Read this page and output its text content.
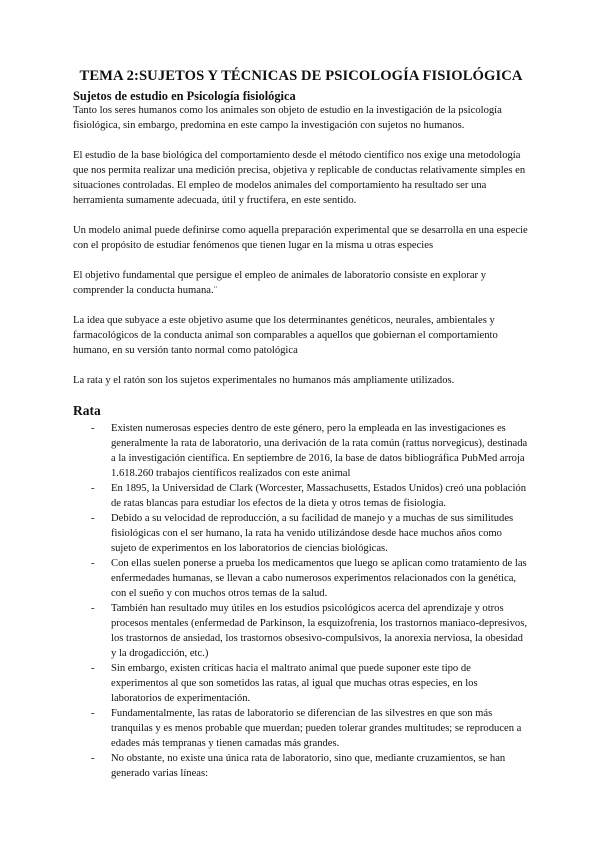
TEMA 2:SUJETOS Y TÉCNICAS DE PSICOLOGÍA FISIOLÓGICA
Sujetos de estudio en Psicología fisiológica

Tanto los seres humanos como los animales son objeto de estudio en la investigación de la psicología fisiológica, sin embargo, predomina en este campo la investigación con sujetos no humanos.

El estudio de la base biológica del comportamiento desde el método científico nos exige una metodología que nos permita realizar una medición precisa, objetiva y replicable de conductas relativamente simples en situaciones controladas. El empleo de modelos animales del comportamiento ha resultado ser una herramienta sumamente adecuada, útil y fructífera, en este sentido.

Un modelo animal puede definirse como aquella preparación experimental que se desarrolla en una especie con el propósito de estudiar fenómenos que tienen lugar en la misma u otras especies

El objetivo fundamental que persigue el empleo de animales de laboratorio consiste en explorar y comprender la conducta humana.¨

La idea que subyace a este objetivo asume que los determinantes genéticos, neurales, ambientales y farmacológicos de la conducta animal son comparables a aquellos que gobiernan el comportamiento humano, en su versión tanto normal como patológica

La rata y el ratón son los sujetos experimentales no humanos más ampliamente utilizados.

Rata
- Existen numerosas especies dentro de este género, pero la empleada en las investigaciones es generalmente la rata de laboratorio, una derivación de la rata común (rattus norvegicus), destinada a la investigación científica. En septiembre de 2016, la base de datos bibliográfica PubMed arroja 1.618.260 trabajos científicos realizados con este animal
- En 1895, la Universidad de Clark (Worcester, Massachusetts, Estados Unidos) creó una población de ratas blancas para estudiar los efectos de la dieta y otros temas de fisiología.
- Debido a su velocidad de reproducción, a su facilidad de manejo y a muchas de sus similitudes fisiológicas con el ser humano, la rata ha venido utilizándose desde hace muchos años como sujeto de experimentos en los laboratorios de ciencias biológicas.
- Con ellas suelen ponerse a prueba los medicamentos que luego se aplican como tratamiento de las enfermedades humanas, se llevan a cabo numerosos experimentos relacionados con la genética, con el sueño y con muchos otros temas de la salud.
- También han resultado muy útiles en los estudios psicológicos acerca del aprendizaje y otros procesos mentales (enfermedad de Parkinson, la esquizofrenia, los trastornos maniaco-depresivos, los trastornos de ansiedad, los trastornos obsesivo-compulsivos, la anorexia nerviosa, la obesidad y la drogadicción, etc.)
- Sin embargo, existen críticas hacia el maltrato animal que puede suponer este tipo de experimentos al que son sometidos las ratas, al igual que muchas otras especies, en los laboratorios de experimentación.
- Fundamentalmente, las ratas de laboratorio se diferencian de las silvestres en que son más tranquilas y es menos probable que muerdan; pueden tolerar grandes multitudes; se reproducen a edades más tempranas y tienen camadas más grandes.
- No obstante, no existe una única rata de laboratorio, sino que, mediante cruzamientos, se han generado varias líneas:
